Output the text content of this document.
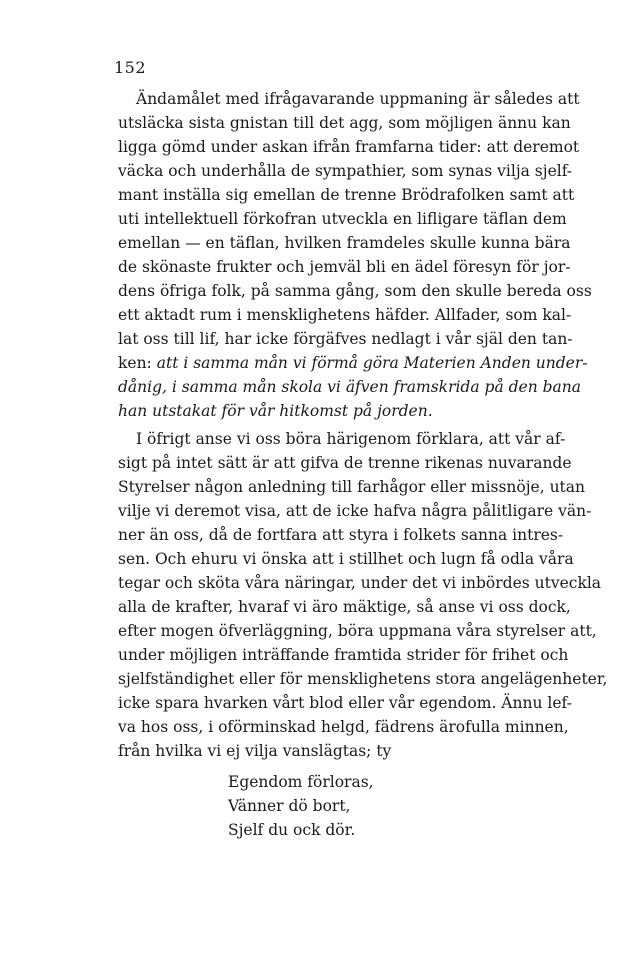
152
Ändamålet med ifrågavarande uppmaning är således att
utsläcka sista gnistan till det agg, som möjligen ännu kan
ligga gömd under askan ifrån framfarna tider: att deremot
väcka och underhålla de sympathier, som synas vilja sjelf-
mant inställa sig emellan de trenne Brödrafolken samt att
uti intellektuell förkofran utveckla en lifligare täflan dem
emellan — en täflan, hvilken framdeles skulle kunna bära
de skönaste frukter och jemväl bli en ädel föresyn för jor-
dens öfriga folk, på samma gång, som den skulle bereda oss
ett aktadt rum i mensklighetens häfder. Allfader, som kal-
lat oss till lif, har icke förgäfves nedlagt i vår själ den tan-
ken: att i samma mån vi förmå göra Materien Anden under-
dånig, i samma mån skola vi äfven framskrida på den bana
han utstakat för vår hitkomst på jorden.
I öfrigt anse vi oss böra härigenom förklara, att vår af-
sigt på intet sätt är att gifva de trenne rikenas nuvarande
Styrelser någon anledning till farhågor eller missnöje, utan
vilje vi deremot visa, att de icke hafva några pålitligare vän-
ner än oss, då de fortfara att styra i folkets sanna intres-
sen. Och ehuru vi önska att i stillhet och lugn få odla våra
tegar och sköta våra näringar, under det vi inbördes utveckla
alla de krafter, hvaraf vi äro mäktige, så anse vi oss dock,
efter mogen öfverläggning, böra uppmana våra styrelser att,
under möjligen inträffande framtida strider för frihet och
sjelfständighet eller för mensklighetens stora angelägenheter,
icke spara hvarken vårt blod eller vår egendom. Ännu lef-
va hos oss, i oförminskad helgd, fädrens ärofulla minnen,
från hvilka vi ej vilja vanslägtas; ty
Egendom förloras,
Vänner dö bort,
Sjelf du ock dör.
